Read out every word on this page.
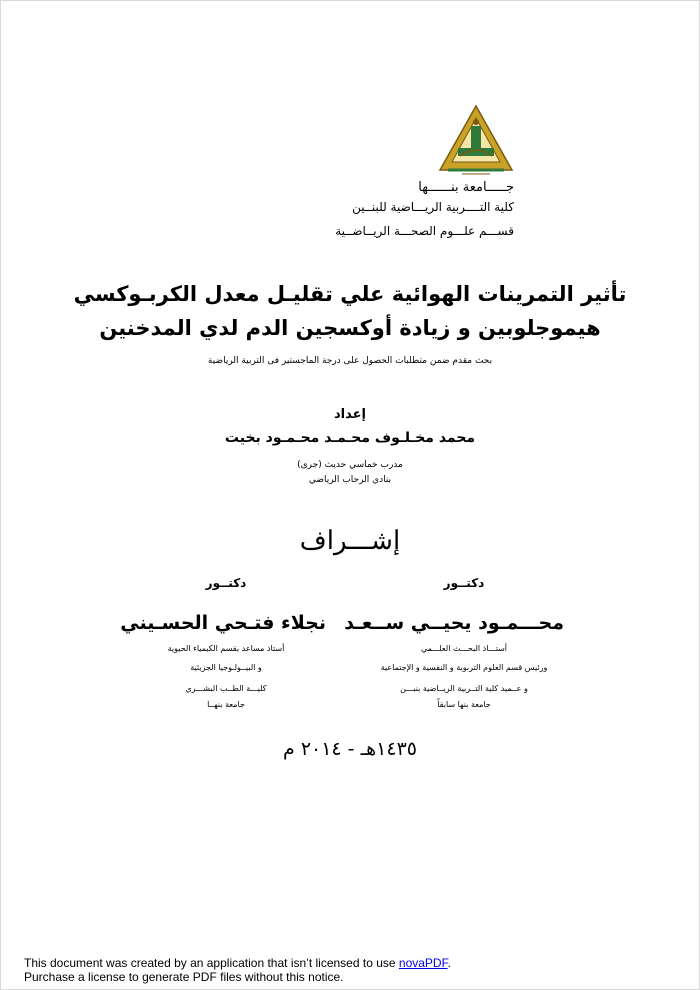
جـــــامعة بنــــــها
كلية التــــربية الريـــاضية للبنــين
قســـم علـــوم الصحـــة الريــاضــية
تأثير التمرينات الهوائية علي تقليـل معدل الكربـوكسي
هيموجلوبين و زيادة أوكسجين الدم لدي المدخنين
بحث مقدم ضمن متطلبات الحصول على درجة الماجستير فى التربية الرياضية
إعداد
محمد مخـلـوف محـمـد محـمـود بخيت
مدرب خماسي حديث (جرى)
بنادي الرحاب الرياضي
إشـــراف
دكتــور
محـــمـود يحيــي ســعـد
أستـــاذ البحـــث العلـــمي
ورئيس قسم العلوم التربوية و النفسية و الإجتماعية
و عــميد كلية التــربية الريــاضية بنبـــن
جامعة بنها سابقاً
دكتــور
نجلاء فتـحي الحسـيني
أستاذ مساعد بقسم الكيمياء الحيوية
و البيــولـوجيا الجزيئية
كليـــة الطــب البشـــري
جامعة بنهــا
١٤٣٥هـ - ٢٠١٤ م
This document was created by an application that isn’t licensed to use novaPDF.
Purchase a license to generate PDF files without this notice.
